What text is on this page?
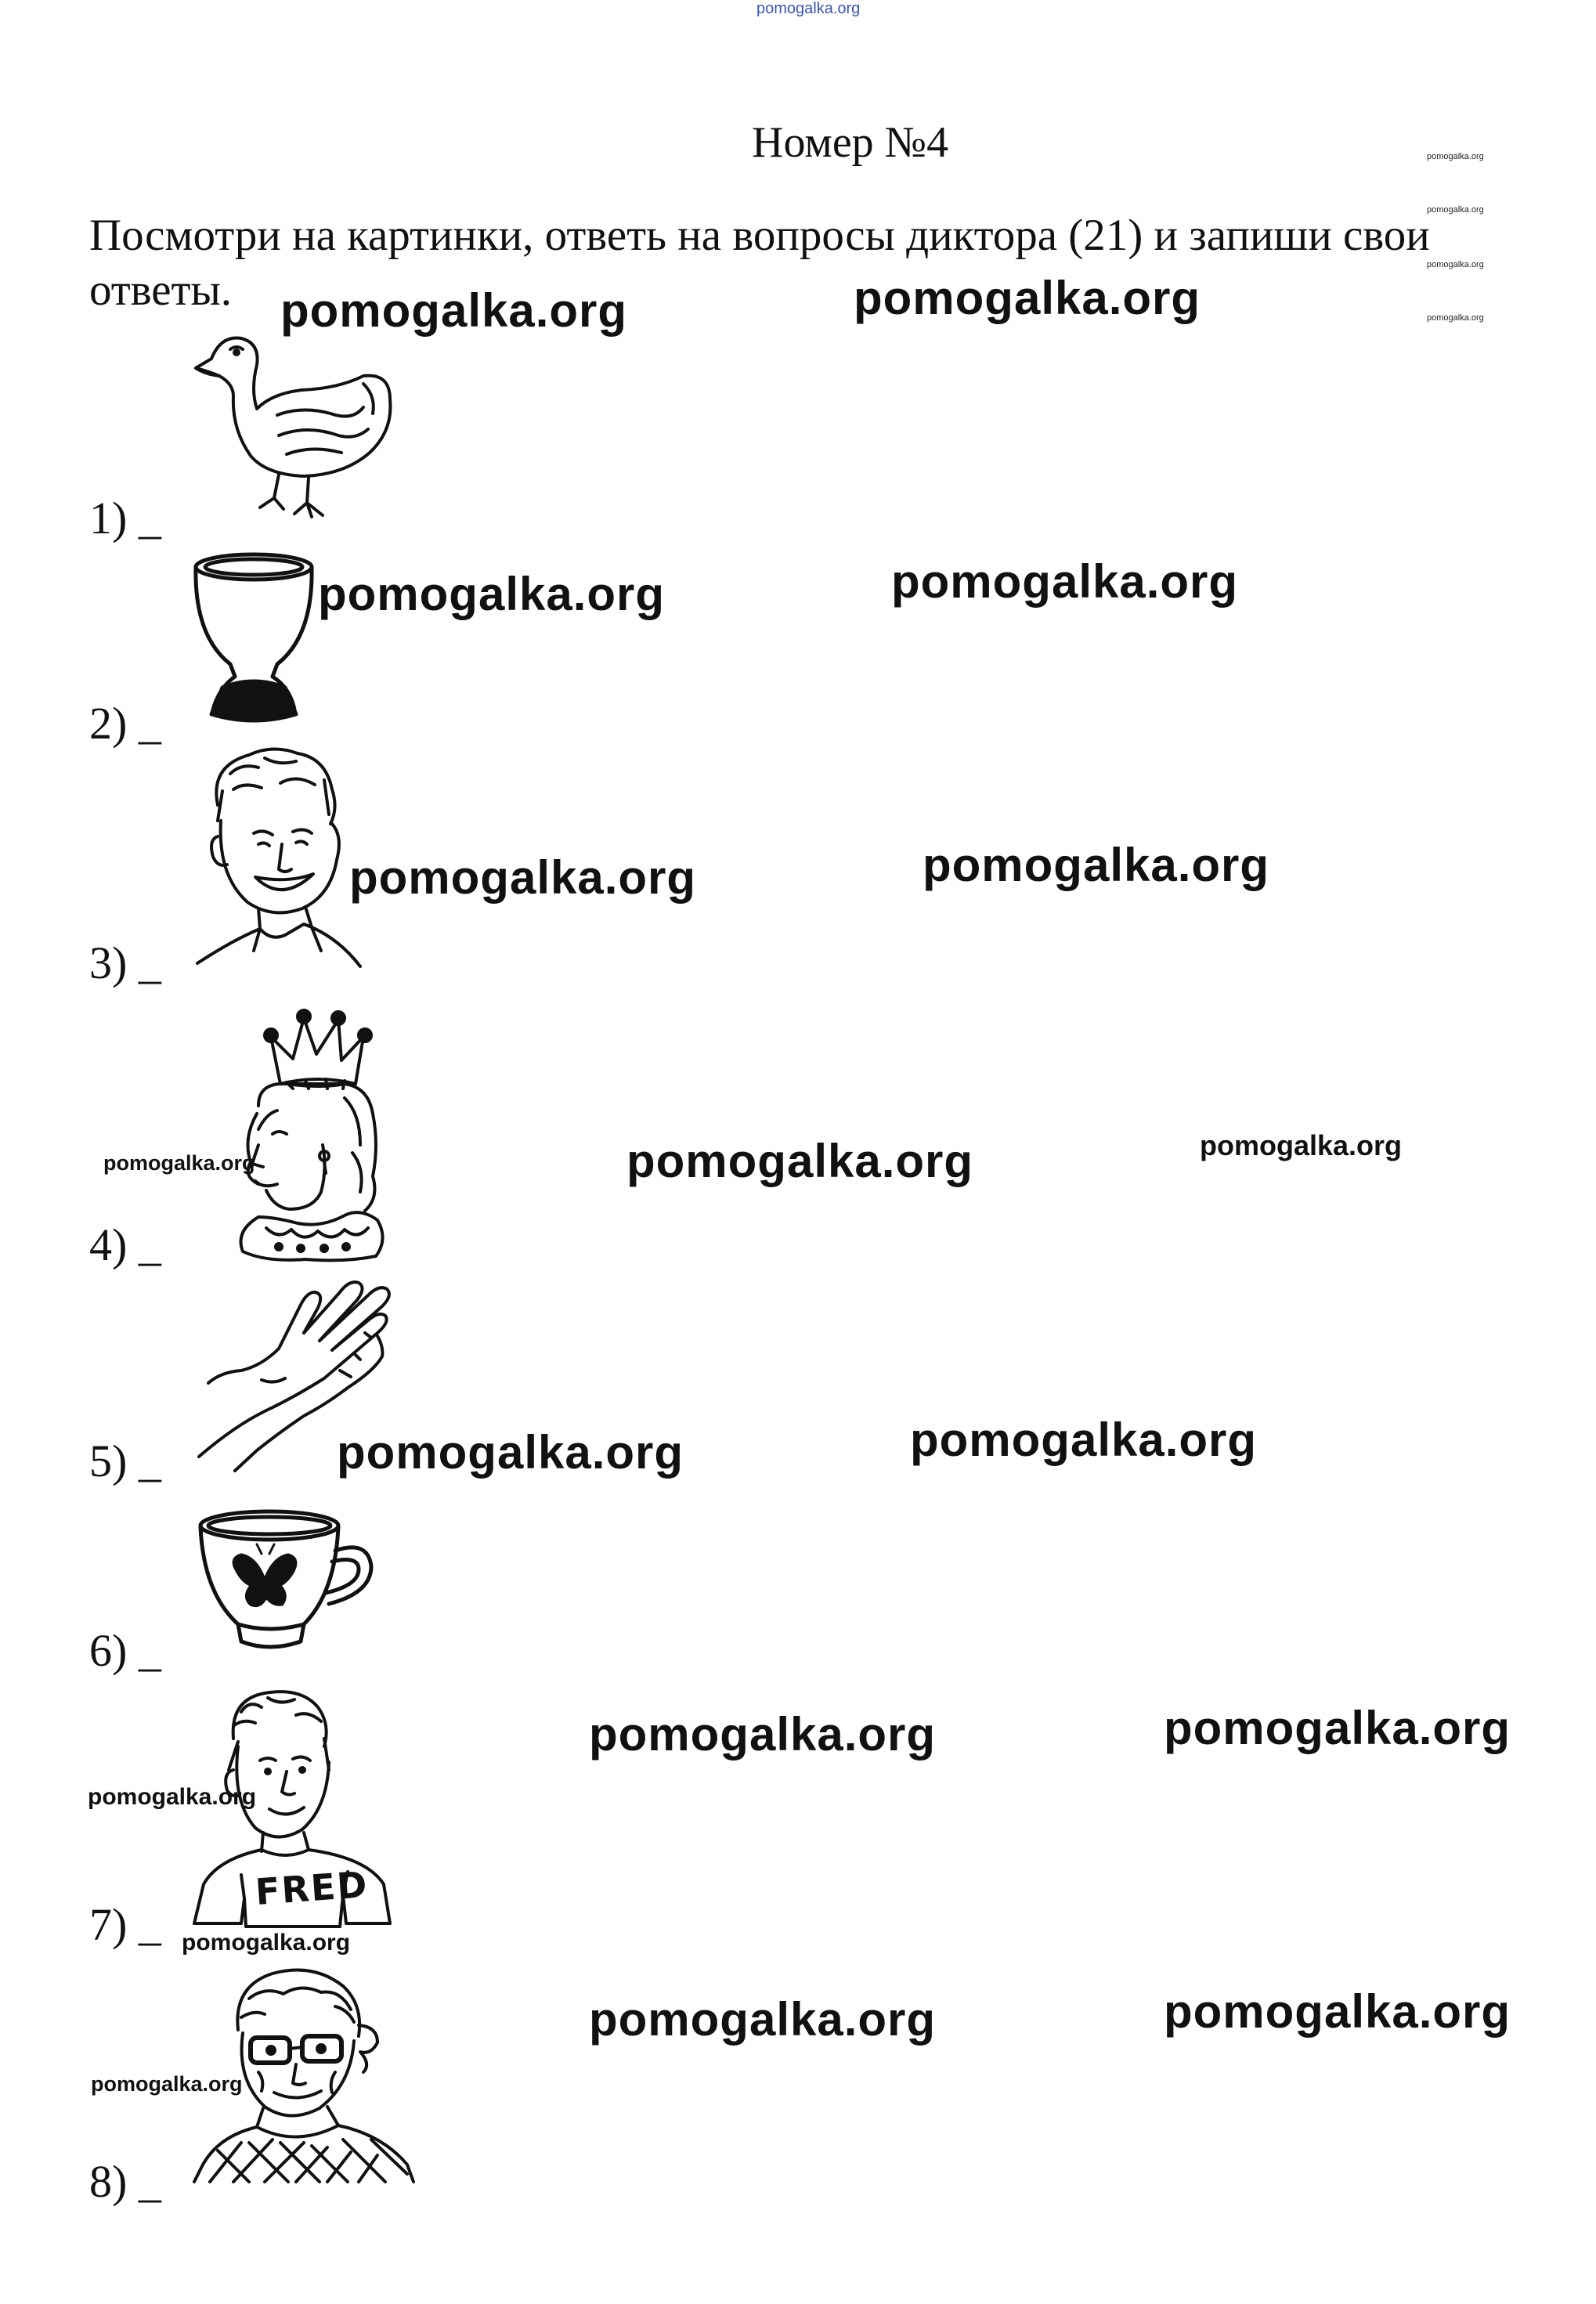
pomogalka.org
Номер №4
Посмотри на картинки, ответь на вопросы диктора (21) и запиши свои
ответы.
pomogalka.org
pomogalka.org
pomogalka.org
pomogalka.org
pomogalka.org	pomogalka.org
pomogalka.org	pomogalka.org
pomogalka.org	pomogalka.org
pomogalka.org
pomogalka.org
pomogalka.org
pomogalka.org	pomogalka.org
pomogalka.org	pomogalka.org
pomogalka.org
pomogalka.org
pomogalka.org	pomogalka.org
pomogalka.org
1) _
2) _
3) _
4) _
5) _
6) _
7) _
8) _
FRED
